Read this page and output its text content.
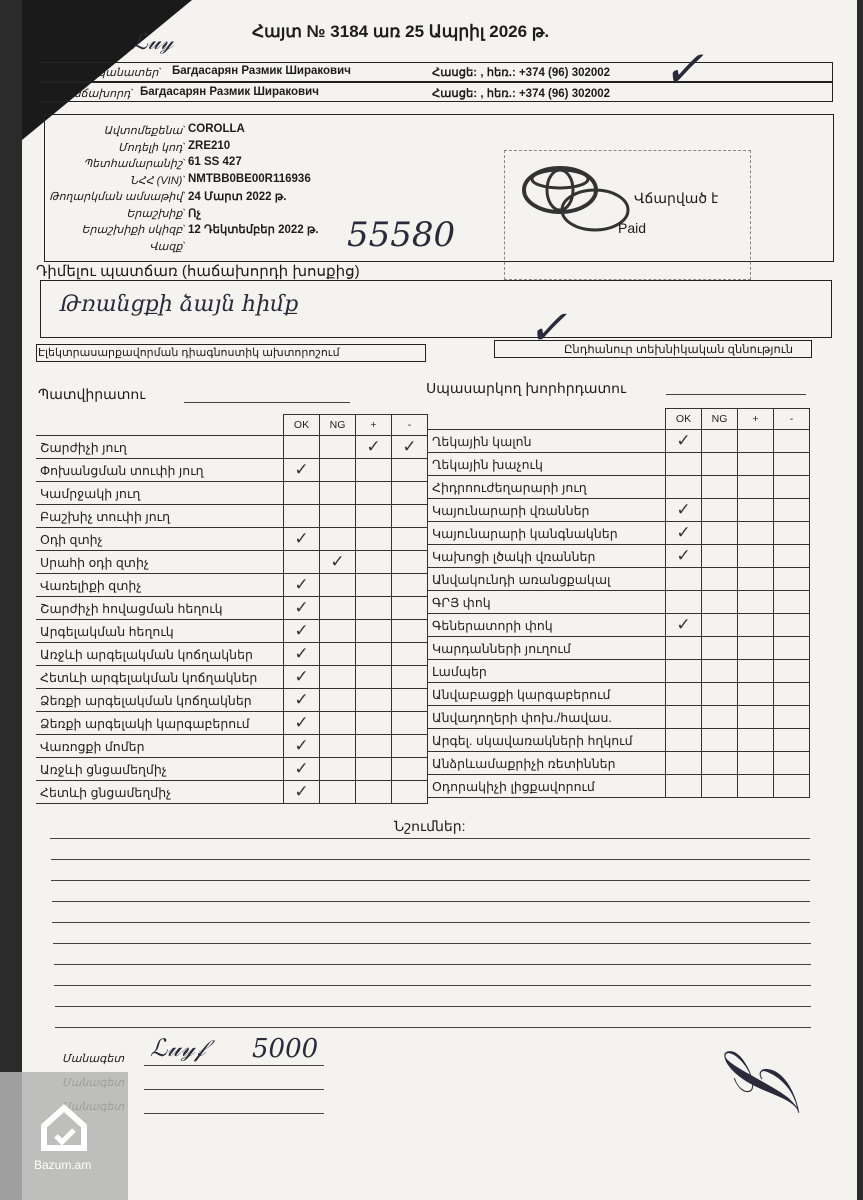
Հայտ № 3184 առ 25 Ապրիլ 2026 թ.
ℒ𝓊𝓎
Սեփականատեր` Багдасарян Размик Ширакович	Հասցե: , հեռ.: +374 (96) 302002
Հաճախորդ` Багдасарян Размик Ширакович	Հասցե: , հեռ.: +374 (96) 302002 ✓
Ավտոմեքենա` COROLLA
Մոդելի կոդ` ZRE210
Պետհամարանիշ` 61 SS 427
ՆՀՀ (VIN)` NMTBB0BE00R116936
Թողարկման ամսաթիվ` 24 Մարտ 2022 թ.
Երաշխիք` Ոչ
Երաշխիքի սկիզբ` 12 Դեկտեմբեր 2022 թ.
Վազք`	55580
Վճարված է
Paid
Դիմելու պատճառ (հաճախորդի խոսքից)
Թռանցքի ձայն հիմք
Էլեկտրասարքավորման դիագնոստիկ ախտորոշում	Ընդհանուր տեխնիկական զննություն
✓
Պատվիրատու	Սպասարկող խորհրդատու
	OK	NG	+	-
Շարժիչի յուղ			✓	✓
Փոխանցման տուփի յուղ	✓			
Կամրջակի յուղ				
Բաշխիչ տուփի յուղ				
Օդի զտիչ	✓			
Սրահի օդի զտիչ		✓		
Վառելիքի զտիչ	✓			
Շարժիչի հովացման հեղուկ	✓			
Արգելակման հեղուկ	✓			
Առջևի արգելակման կոճղակներ	✓			
Հետևի արգելակման կոճղակներ	✓			
Ձեռքի արգելակման կոճղակներ	✓			
Ձեռքի արգելակի կարգաբերում	✓			
Վառոցքի մոմեր	✓			
Առջևի ցնցամեղմիչ	✓			
Հետևի ցնցամեղմիչ	✓			
	OK	NG	+	-
Ղեկային կալոն	✓			
Ղեկային խաչուկ				
Հիդրոուժեղարարի յուղ				
Կայունարարի վռաններ	✓			
Կայունարարի կանգնակներ	✓			
Կախոցի լծակի վռաններ	✓			
Անվակունդի առանցքակալ				
ԳՐՅ փոկ				
Գեներատորի փոկ	✓			
Կարդանների յուղում				
Լամպեր				
Անվաբացքի կարգաբերում				
Անվադողերի փոխ./հավաս.				
Արգել. սկավառակների հղկում				
Անձրևամաքրիչի ռետիններ				
Օդորակիչի լիցքավորում				
Նշումներ:
Մանագետ ℒ𝓊𝓎𝒻 5000	𝒥
Bazum.am
